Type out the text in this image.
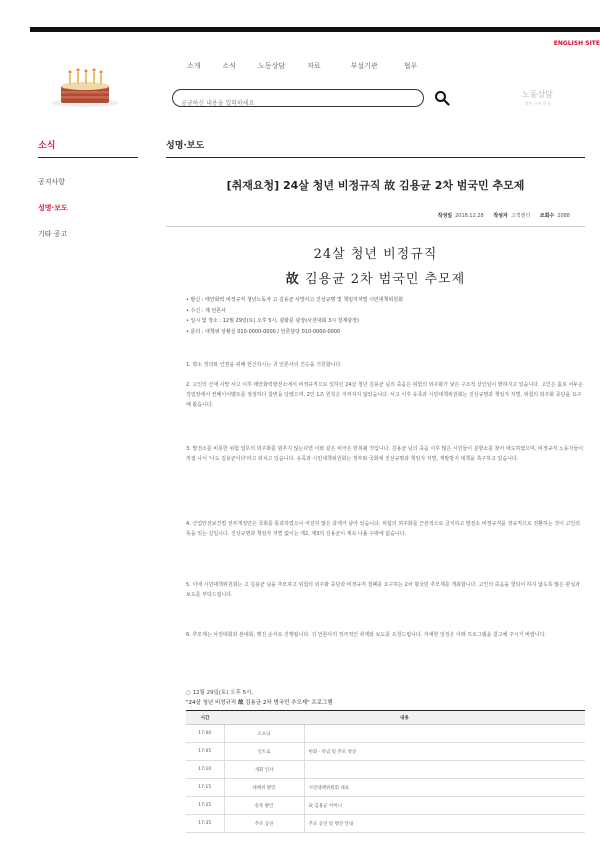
ENGLISH SITE
소개	소식	노동상담	자료	부설기관	협우
궁금하신 내용을 입력하세요
노동상담
작은 글씨 안내
소식
공지사항
성명·보도
기타 공고
성명·보도
[취재요청] 24살 청년 비정규직 故 김용균 2차 범국민 추모제
작성일 2018.12.28 작성자 고객센터 조회수 2088
24살 청년 비정규직
故 김용균 2차 범국민 추모제
• 발신 : 태안화력 비정규직 청년노동자 고 김용균 사망사고 진상규명 및 책임자처벌 시민대책위원회
• 수신 : 제 언론사
• 일시 및 장소 : 12월 29일(토) 오후 5시, 광화문 광장(사전대회 3시 청계광장)
• 문의 : 대책위 상황실 010-0000-0000 / 언론담당 010-0000-0000
1. 평소 정의와 인권을 위해 헌신하시는 귀 언론사의 건승을 기원합니다.
2. 고인의 산재 사망 사고 이후 태안화력발전소에서 비정규직으로 일하던 24살 청년 김용균 님의 죽음은 위험의 외주화가 낳은 구조적 살인임이 밝혀지고 있습니다. 고인은 홀로 어두운 작업장에서 컨베이어벨트를 점검하다 참변을 당했으며, 2인 1조 원칙은 지켜지지 않았습니다. 사고 이후 유족과 시민대책위원회는 진상규명과 책임자 처벌, 위험의 외주화 중단을 요구해 왔습니다.
3. 발전소를 비롯한 위험 업무의 외주화를 멈추지 않는다면 이와 같은 비극은 반복될 것입니다. 김용균 님의 죽음 이후 많은 시민들이 분향소를 찾아 애도하였으며, 비정규직 노동자들이 직접 나서 '나도 김용균이다'라고 외치고 있습니다. 유족과 시민대책위원회는 정부와 국회에 진상규명과 책임자 처벌, 재발방지 대책을 촉구하고 있습니다.
4. 산업안전보건법 전부개정안은 국회를 통과하였으나 여전히 많은 과제가 남아 있습니다. 위험의 외주화를 근본적으로 금지하고 발전소 비정규직을 정규직으로 전환하는 것이 고인의 뜻을 잇는 길입니다. 진상규명과 책임자 처벌 없이는 제2, 제3의 김용균이 계속 나올 수밖에 없습니다.
5. 이에 시민대책위원회는 고 김용균 님을 추모하고 위험의 외주화 중단과 비정규직 철폐를 요구하는 2차 범국민 추모제를 개최합니다. 고인의 죽음을 헛되이 하지 않도록 많은 관심과 보도를 부탁드립니다.
6. 추모제는 사전대회와 본대회, 행진 순서로 진행됩니다. 귀 언론사의 적극적인 취재와 보도를 요청드립니다. 자세한 일정은 아래 프로그램을 참고해 주시기 바랍니다.
○ 12월 29일(토) 오후 5시,
"24살 청년 비정규직 故 김용균 2차 범국민 추모제" 프로그램
시간	내용	
17:00	오프닝	
17:05	인트로	헌화 · 묵념 및 추모 영상
17:10	개회 인사	
17:15	대책위 발언	시민대책위원회 대표
17:25	유족 발언	故 김용균 어머니
17:35	추모 공연	추모 공연 및 행진 안내
